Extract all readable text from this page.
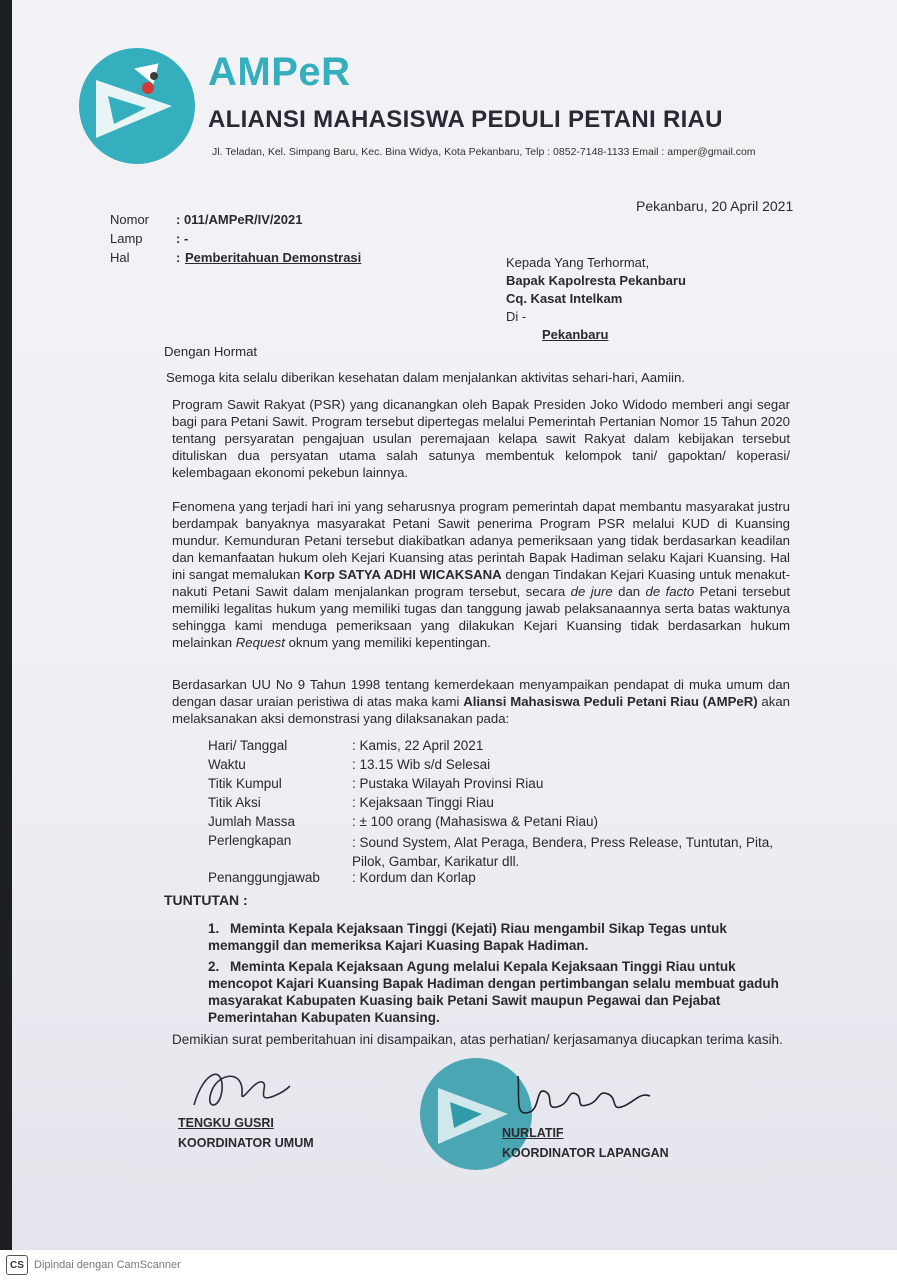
AMPeR
ALIANSI MAHASISWA PEDULI PETANI RIAU
Jl. Teladan, Kel. Simpang Baru, Kec. Bina Widya, Kota Pekanbaru, Telp : 0852-7148-1133 Email : amper@gmail.com
Pekanbaru, 20 April 2021
Nomor : 011/AMPeR/IV/2021
Lamp	: -
Hal	: Pemberitahuan Demonstrasi	Kepada Yang Terhormat,
Bapak Kapolresta Pekanbaru
Cq. Kasat Intelkam
Di -
Pekanbaru
Dengan Hormat
Semoga kita selalu diberikan kesehatan dalam menjalankan aktivitas sehari-hari, Aamiin.
Program Sawit Rakyat (PSR) yang dicanangkan oleh Bapak Presiden Joko Widodo memberi angi segar bagi para Petani Sawit. Program tersebut dipertegas melalui Pemerintah Pertanian Nomor 15 Tahun 2020 tentang persyaratan pengajuan usulan peremajaan kelapa sawit Rakyat dalam kebijakan tersebut dituliskan dua persyatan utama salah satunya membentuk kelompok tani/ gapoktan/ koperasi/ kelembagaan ekonomi pekebun lainnya.
Fenomena yang terjadi hari ini yang seharusnya program pemerintah dapat membantu masyarakat justru berdampak banyaknya masyarakat Petani Sawit penerima Program PSR melalui KUD di Kuansing mundur. Kemunduran Petani tersebut diakibatkan adanya pemeriksaan yang tidak berdasarkan keadilan dan kemanfaatan hukum oleh Kejari Kuansing atas perintah Bapak Hadiman selaku Kajari Kuansing. Hal ini sangat memalukan Korp SATYA ADHI WICAKSANA dengan Tindakan Kejari Kuasing untuk menakut-nakuti Petani Sawit dalam menjalankan program tersebut, secara de jure dan de facto Petani tersebut memiliki legalitas hukum yang memiliki tugas dan tanggung jawab pelaksanaannya serta batas waktunya sehingga kami menduga pemeriksaan yang dilakukan Kejari Kuansing tidak berdasarkan hukum melainkan Request oknum yang memiliki kepentingan.
Berdasarkan UU No 9 Tahun 1998 tentang kemerdekaan menyampaikan pendapat di muka umum dan dengan dasar uraian peristiwa di atas maka kami Aliansi Mahasiswa Peduli Petani Riau (AMPeR) akan melaksanakan aksi demonstrasi yang dilaksanakan pada:
Hari/ Tanggal	: Kamis, 22 April 2021
Waktu	: 13.15 Wib s/d Selesai
Titik Kumpul	: Pustaka Wilayah Provinsi Riau
Titik Aksi	: Kejaksaan Tinggi Riau
Jumlah Massa	: ± 100 orang (Mahasiswa & Petani Riau)
Perlengkapan	: Sound System, Alat Peraga, Bendera, Press Release, Tuntutan, Pita, Pilok, Gambar, Karikatur dll.
Penanggungjawab : Kordum dan Korlap
TUNTUTAN :
1. Meminta Kepala Kejaksaan Tinggi (Kejati) Riau mengambil Sikap Tegas untuk memanggil dan memeriksa Kajari Kuasing Bapak Hadiman.
2. Meminta Kepala Kejaksaan Agung melalui Kepala Kejaksaan Tinggi Riau untuk mencopot Kajari Kuansing Bapak Hadiman dengan pertimbangan selalu membuat gaduh masyarakat Kabupaten Kuasing baik Petani Sawit maupun Pegawai dan Pejabat Pemerintahan Kabupaten Kuansing.
Demikian surat pemberitahuan ini disampaikan, atas perhatian/ kerjasamanya diucapkan terima kasih.
TENGKU GUSRI
KOORDINATOR UMUM
NURLATIF
KOORDINATOR LAPANGAN
CS Dipindai dengan CamScanner
